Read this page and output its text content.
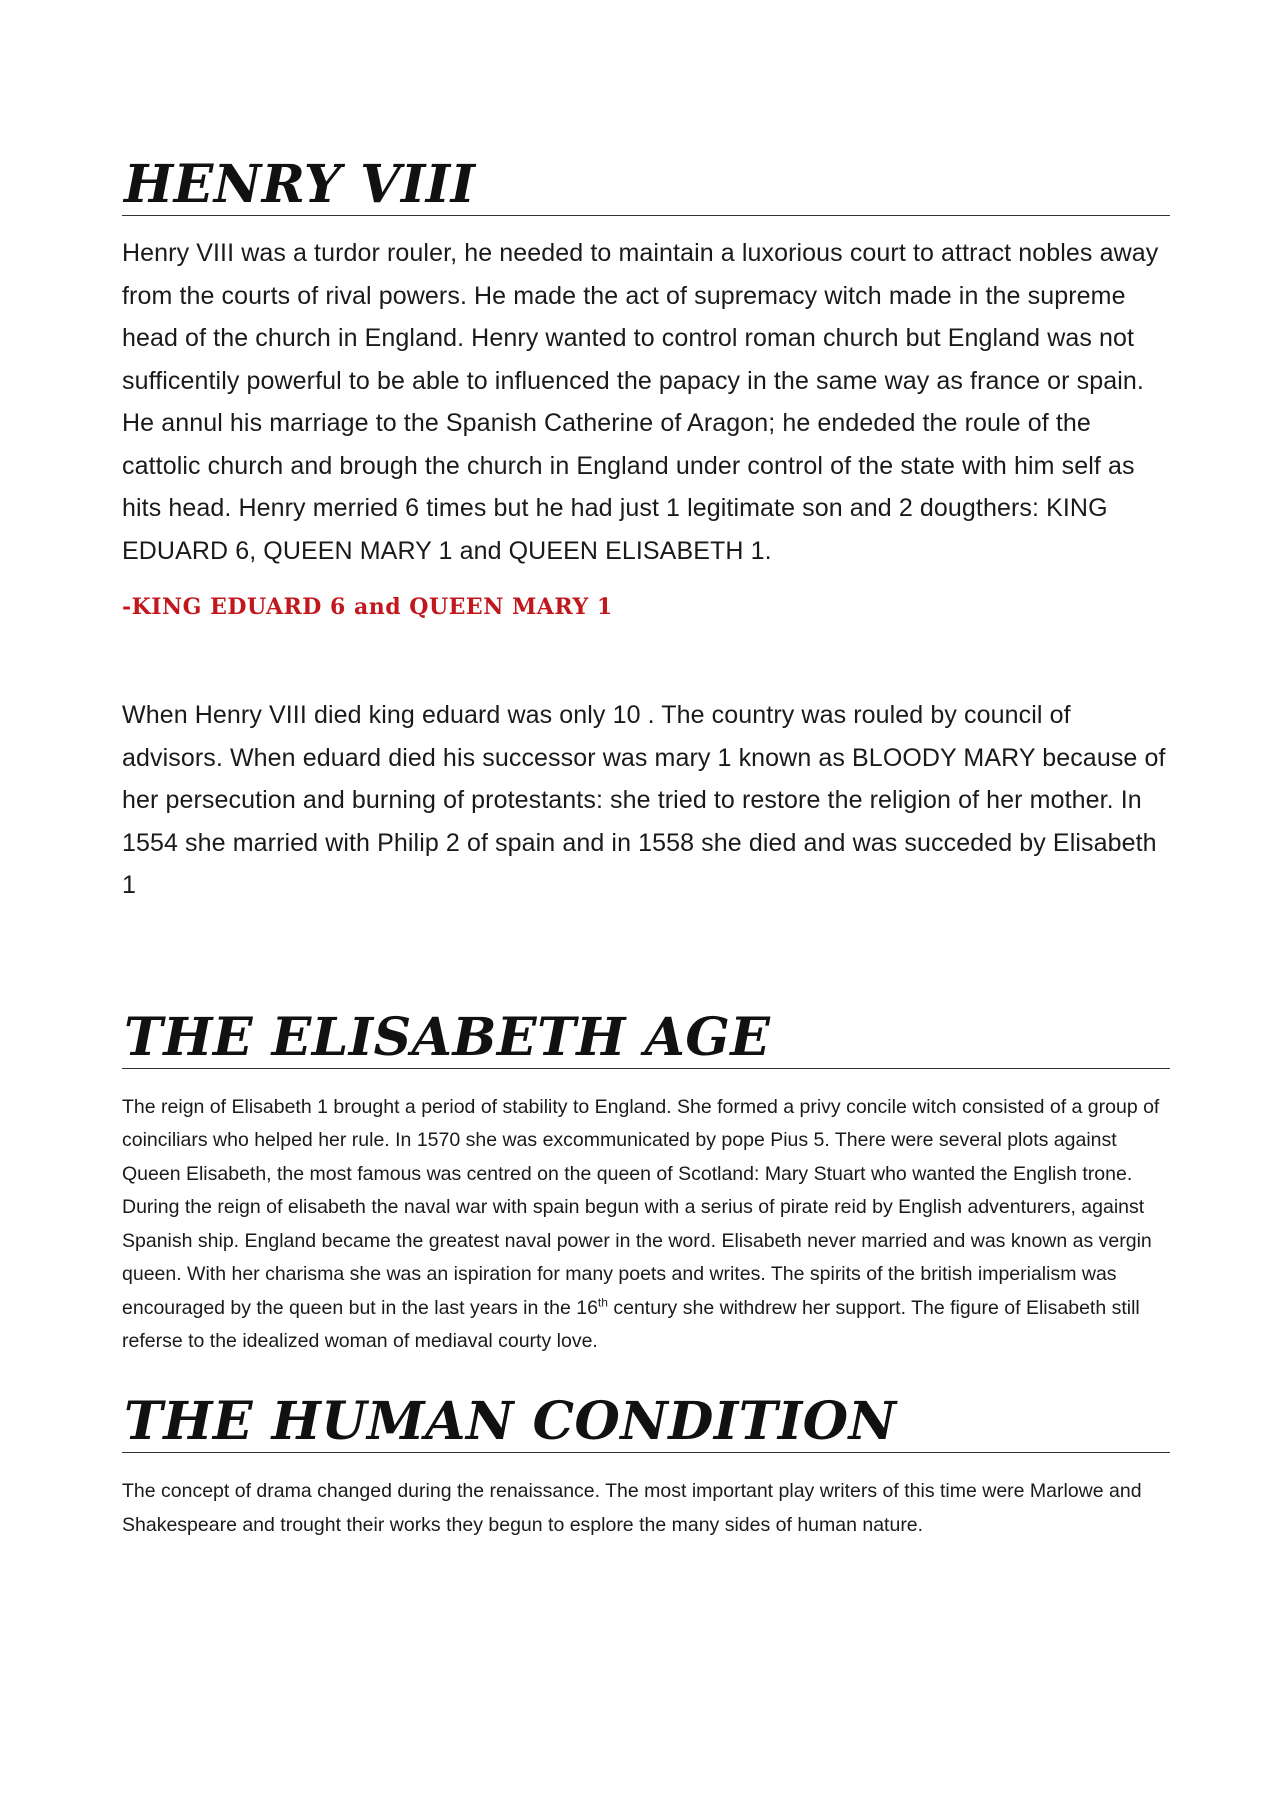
HENRY VIII

Henry VIII was a turdor rouler, he needed to maintain a luxorious court to attract nobles away from the courts of rival powers. He made the act of supremacy witch made in the supreme head of the church in England. Henry wanted to control roman church but England was not sufficentily powerful to be able to influenced the papacy in the same way as france or spain. He annul his marriage to the Spanish Catherine of Aragon; he endeded the roule of the cattolic church and brough the church in England under control of the state with him self as hits head. Henry merried 6 times but he had just 1 legitimate son and 2 dougthers: KING EDUARD 6, QUEEN MARY 1 and QUEEN ELISABETH 1.

-KING EDUARD 6 and QUEEN MARY 1

When Henry VIII died king eduard was only 10 . The country was rouled by council of advisors. When eduard died his successor was mary 1 known as BLOODY MARY because of her persecution and burning of protestants: she tried to restore the religion of her mother. In 1554 she married with Philip 2 of spain and in 1558 she died and was succeded by Elisabeth 1

THE ELISABETH AGE

The reign of Elisabeth 1 brought a period of stability to England. She formed a privy concile witch consisted of a group of coinciliars who helped her rule. In 1570 she was excommunicated by pope Pius 5. There were several plots against Queen Elisabeth, the most famous was centred on the queen of Scotland: Mary Stuart who wanted the English trone. During the reign of elisabeth the naval war with spain begun with a serius of pirate reid by English adventurers, against Spanish ship. England became the greatest naval power in the word. Elisabeth never married and was known as vergin queen. With her charisma she was an ispiration for many poets and writes. The spirits of the british imperialism was encouraged by the queen but in the last years in the 16th century she withdrew her support. The figure of Elisabeth still referse to the idealized woman of mediaval courty love.

THE HUMAN CONDITION

The concept of drama changed during the renaissance. The most important play writers of this time were Marlowe and Shakespeare and trought their works they begun to esplore the many sides of human nature.
